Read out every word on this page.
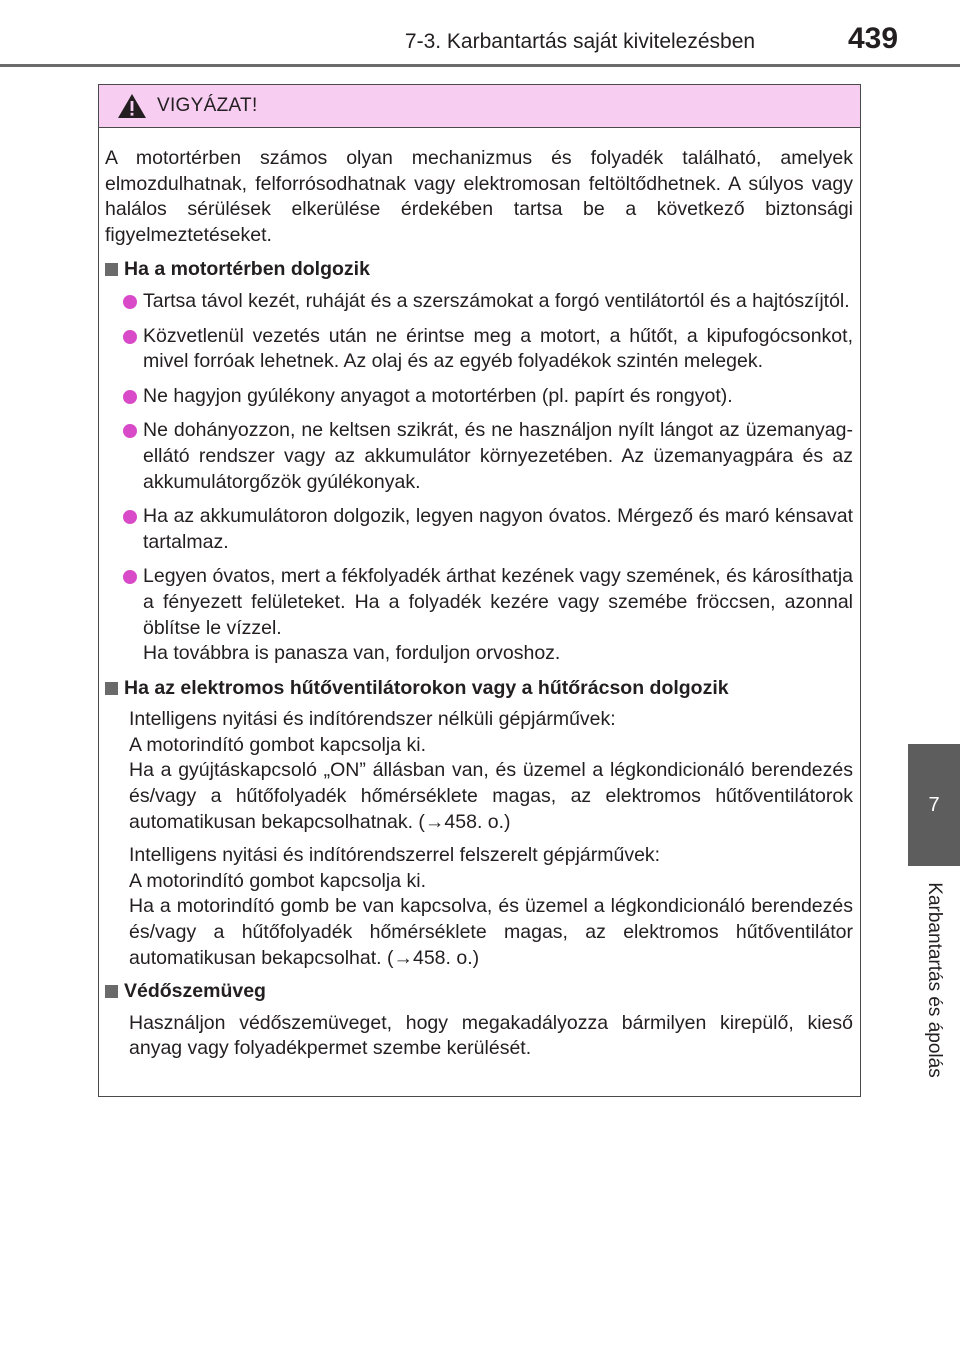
7-3. Karbantartás saját kivitelezésben	439
7
Karbantartás és ápolás
VIGYÁZAT!
A motortérben számos olyan mechanizmus és folyadék található, amelyek elmozdulhatnak, felforrósodhatnak vagy elektromosan feltöltődhetnek. A súlyos vagy halálos sérülések elkerülése érdekében tartsa be a következő biztonsági figyelmeztetéseket.
Ha a motortérben dolgozik
Tartsa távol kezét, ruháját és a szerszámokat a forgó ventilátortól és a hajtószíjtól.
Közvetlenül vezetés után ne érintse meg a motort, a hűtőt, a kipufogócsonkot, mivel forróak lehetnek. Az olaj és az egyéb folyadékok szintén melegek.
Ne hagyjon gyúlékony anyagot a motortérben (pl. papírt és rongyot).
Ne dohányozzon, ne keltsen szikrát, és ne használjon nyílt lángot az üzemanyag-ellátó rendszer vagy az akkumulátor környezetében. Az üzemanyagpára és az akkumulátorgőzök gyúlékonyak.
Ha az akkumulátoron dolgozik, legyen nagyon óvatos. Mérgező és maró kénsavat tartalmaz.
Legyen óvatos, mert a fékfolyadék árthat kezének vagy szemének, és károsíthatja a fényezett felületeket. Ha a folyadék kezére vagy szemébe fröccsen, azonnal öblítse le vízzel.
Ha továbbra is panasza van, forduljon orvoshoz.
Ha az elektromos hűtőventilátorokon vagy a hűtőrácson dolgozik
Intelligens nyitási és indítórendszer nélküli gépjárművek:
A motorindító gombot kapcsolja ki.
Ha a gyújtáskapcsoló „ON” állásban van, és üzemel a légkondicionáló berendezés és/vagy a hűtőfolyadék hőmérséklete magas, az elektromos hűtőventilátorok automatikusan bekapcsolhatnak. (→458. o.)
Intelligens nyitási és indítórendszerrel felszerelt gépjárművek:
A motorindító gombot kapcsolja ki.
Ha a motorindító gomb be van kapcsolva, és üzemel a légkondicionáló berendezés és/vagy a hűtőfolyadék hőmérséklete magas, az elektromos hűtőventilátor automatikusan bekapcsolhat. (→458. o.)
Védőszemüveg
Használjon védőszemüveget, hogy megakadályozza bármilyen kirepülő, kieső anyag vagy folyadékpermet szembe kerülését.
